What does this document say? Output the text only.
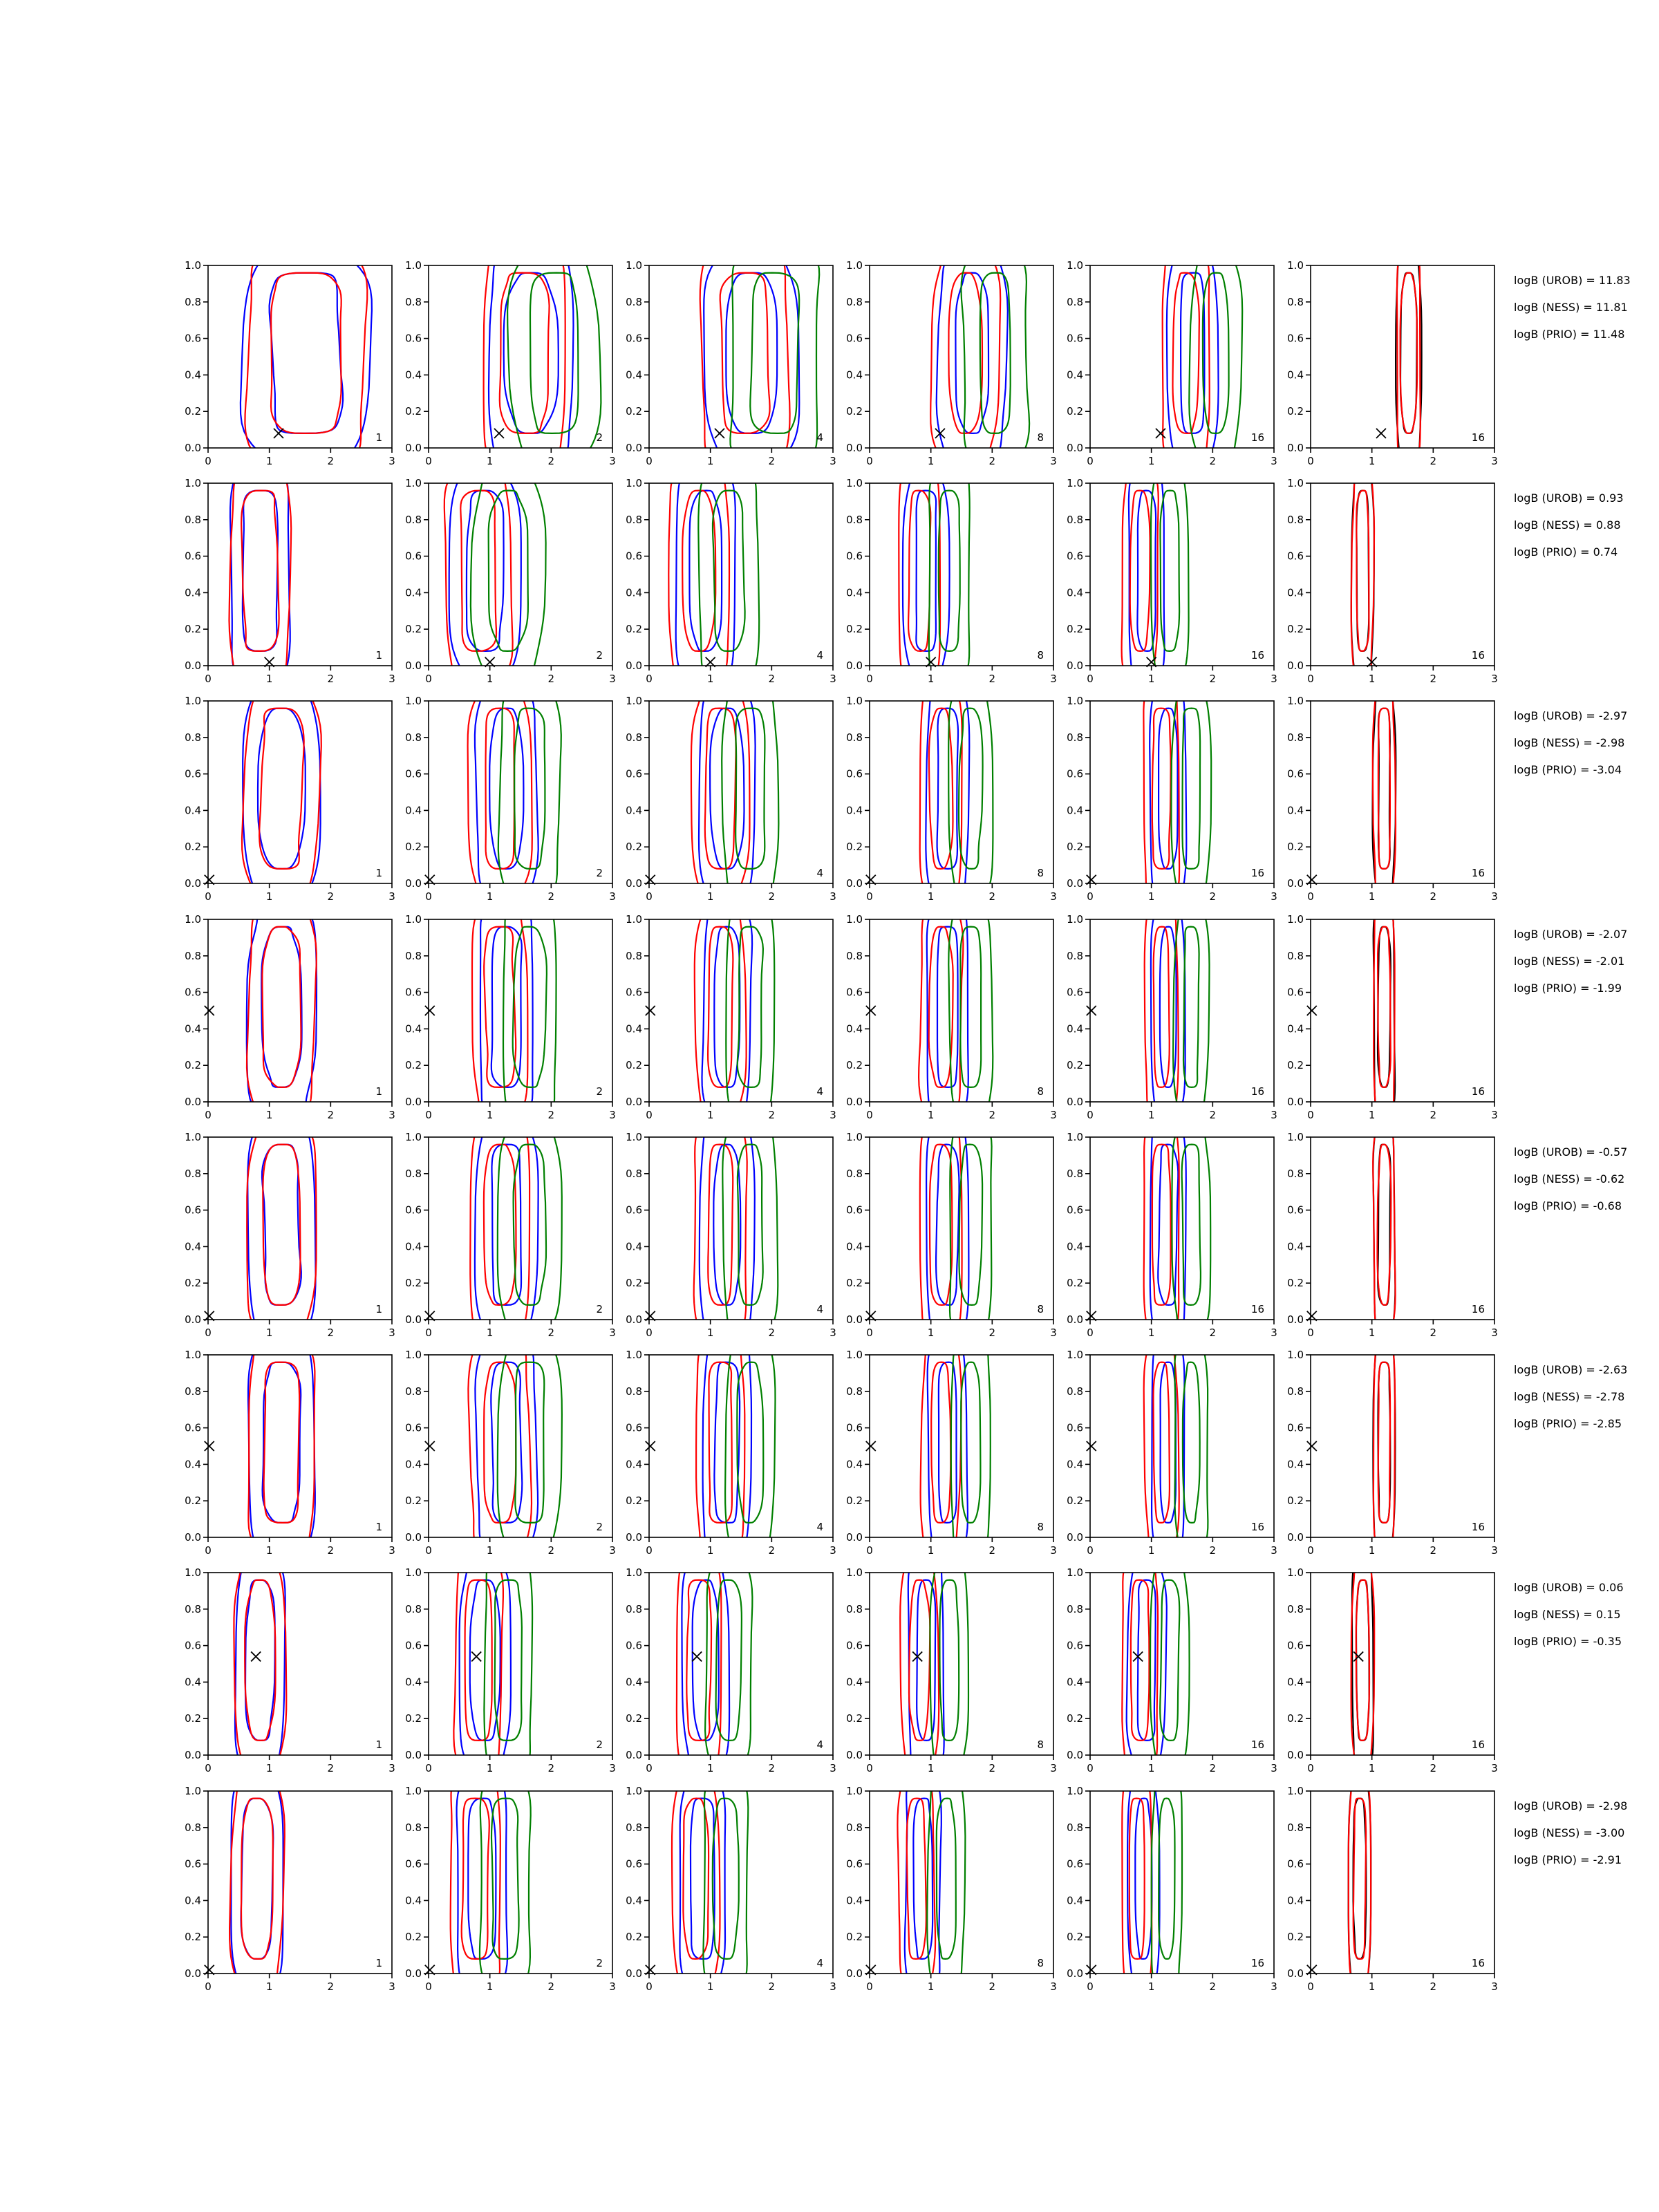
0	1	2	3
0.0
0.2
0.4
0.6
0.8
1.0
1
0	1	2	3
0.0
0.2
0.4
0.6
0.8
1.0
2
0	1	2	3
0.0
0.2
0.4
0.6
0.8
1.0
4
0	1	2	3
0.0
0.2
0.4
0.6
0.8
1.0
8
0	1	2	3
0.0
0.2
0.4
0.6
0.8
1.0
16
0	1	2	3
0.0
0.2
0.4
0.6
0.8
1.0
16
logB (UROB) = 11.83
logB (NESS) = 11.81
logB (PRIO) = 11.48
0	1	2	3
0.0
0.2
0.4
0.6
0.8
1.0
1
0	1	2	3
0.0
0.2
0.4
0.6
0.8
1.0
2
0	1	2	3
0.0
0.2
0.4
0.6
0.8
1.0
4
0	1	2	3
0.0
0.2
0.4
0.6
0.8
1.0
8
0	1	2	3
0.0
0.2
0.4
0.6
0.8
1.0
16
0	1	2	3
0.0
0.2
0.4
0.6
0.8
1.0
16
logB (UROB) = 0.93
logB (NESS) = 0.88
logB (PRIO) = 0.74
0	1	2	3
0.0
0.2
0.4
0.6
0.8
1.0
1
0	1	2	3
0.0
0.2
0.4
0.6
0.8
1.0
2
0	1	2	3
0.0
0.2
0.4
0.6
0.8
1.0
4
0	1	2	3
0.0
0.2
0.4
0.6
0.8
1.0
8
0	1	2	3
0.0
0.2
0.4
0.6
0.8
1.0
16
0	1	2	3
0.0
0.2
0.4
0.6
0.8
1.0
16
logB (UROB) = -2.97
logB (NESS) = -2.98
logB (PRIO) = -3.04
0	1	2	3
0.0
0.2
0.4
0.6
0.8
1.0
1
0	1	2	3
0.0
0.2
0.4
0.6
0.8
1.0
2
0	1	2	3
0.0
0.2
0.4
0.6
0.8
1.0
4
0	1	2	3
0.0
0.2
0.4
0.6
0.8
1.0
8
0	1	2	3
0.0
0.2
0.4
0.6
0.8
1.0
16
0	1	2	3
0.0
0.2
0.4
0.6
0.8
1.0
16
logB (UROB) = -2.07
logB (NESS) = -2.01
logB (PRIO) = -1.99
0	1	2	3
0.0
0.2
0.4
0.6
0.8
1.0
1
0	1	2	3
0.0
0.2
0.4
0.6
0.8
1.0
2
0	1	2	3
0.0
0.2
0.4
0.6
0.8
1.0
4
0	1	2	3
0.0
0.2
0.4
0.6
0.8
1.0
8
0	1	2	3
0.0
0.2
0.4
0.6
0.8
1.0
16
0	1	2	3
0.0
0.2
0.4
0.6
0.8
1.0
16
logB (UROB) = -0.57
logB (NESS) = -0.62
logB (PRIO) = -0.68
0	1	2	3
0.0
0.2
0.4
0.6
0.8
1.0
1
0	1	2	3
0.0
0.2
0.4
0.6
0.8
1.0
2
0	1	2	3
0.0
0.2
0.4
0.6
0.8
1.0
4
0	1	2	3
0.0
0.2
0.4
0.6
0.8
1.0
8
0	1	2	3
0.0
0.2
0.4
0.6
0.8
1.0
16
0	1	2	3
0.0
0.2
0.4
0.6
0.8
1.0
16
logB (UROB) = -2.63
logB (NESS) = -2.78
logB (PRIO) = -2.85
0	1	2	3
0.0
0.2
0.4
0.6
0.8
1.0
1
0	1	2	3
0.0
0.2
0.4
0.6
0.8
1.0
2
0	1	2	3
0.0
0.2
0.4
0.6
0.8
1.0
4
0	1	2	3
0.0
0.2
0.4
0.6
0.8
1.0
8
0	1	2	3
0.0
0.2
0.4
0.6
0.8
1.0
16
0	1	2	3
0.0
0.2
0.4
0.6
0.8
1.0
16
logB (UROB) = 0.06
logB (NESS) = 0.15
logB (PRIO) = -0.35
0	1	2	3
0.0
0.2
0.4
0.6
0.8
1.0
1
0	1	2	3
0.0
0.2
0.4
0.6
0.8
1.0
2
0	1	2	3
0.0
0.2
0.4
0.6
0.8
1.0
4
0	1	2	3
0.0
0.2
0.4
0.6
0.8
1.0
8
0	1	2	3
0.0
0.2
0.4
0.6
0.8
1.0
16
0	1	2	3
0.0
0.2
0.4
0.6
0.8
1.0
16
logB (UROB) = -2.98
logB (NESS) = -3.00
logB (PRIO) = -2.91
